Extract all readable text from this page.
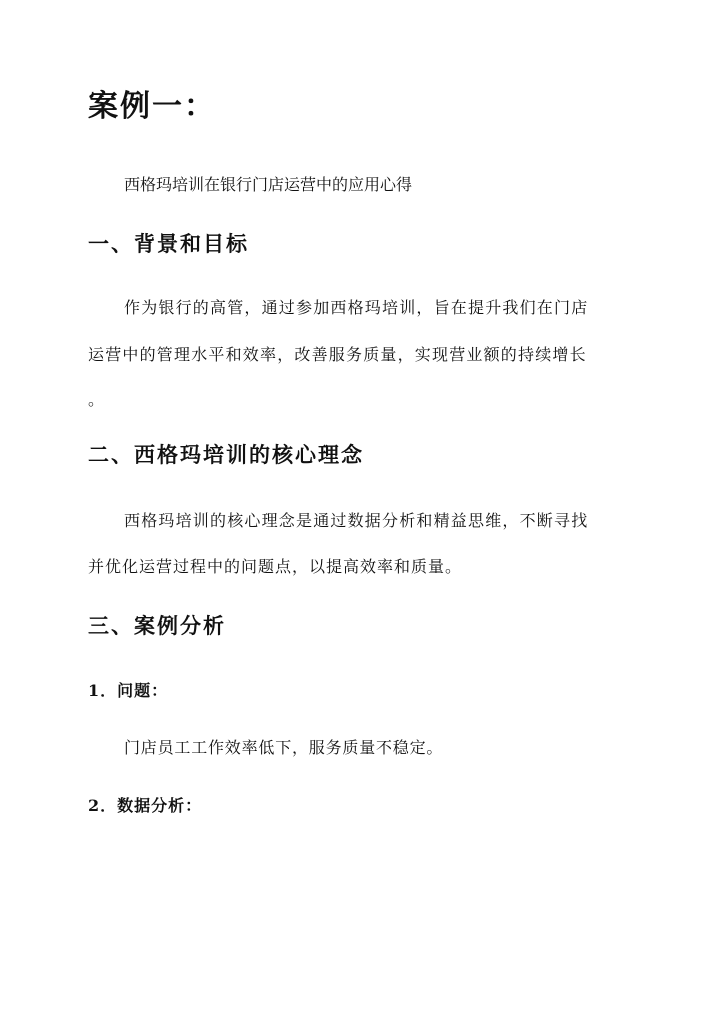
案例一：

西格玛培训在银行门店运营中的应用心得

一、背景和目标

作为银行的高管，通过参加西格玛培训，旨在提升我们在门店

运营中的管理水平和效率，改善服务质量，实现营业额的持续增长

。

二、西格玛培训的核心理念

西格玛培训的核心理念是通过数据分析和精益思维，不断寻找

并优化运营过程中的问题点，以提高效率和质量。

三、案例分析

1．问题：

门店员工工作效率低下，服务质量不稳定。

2．数据分析：
